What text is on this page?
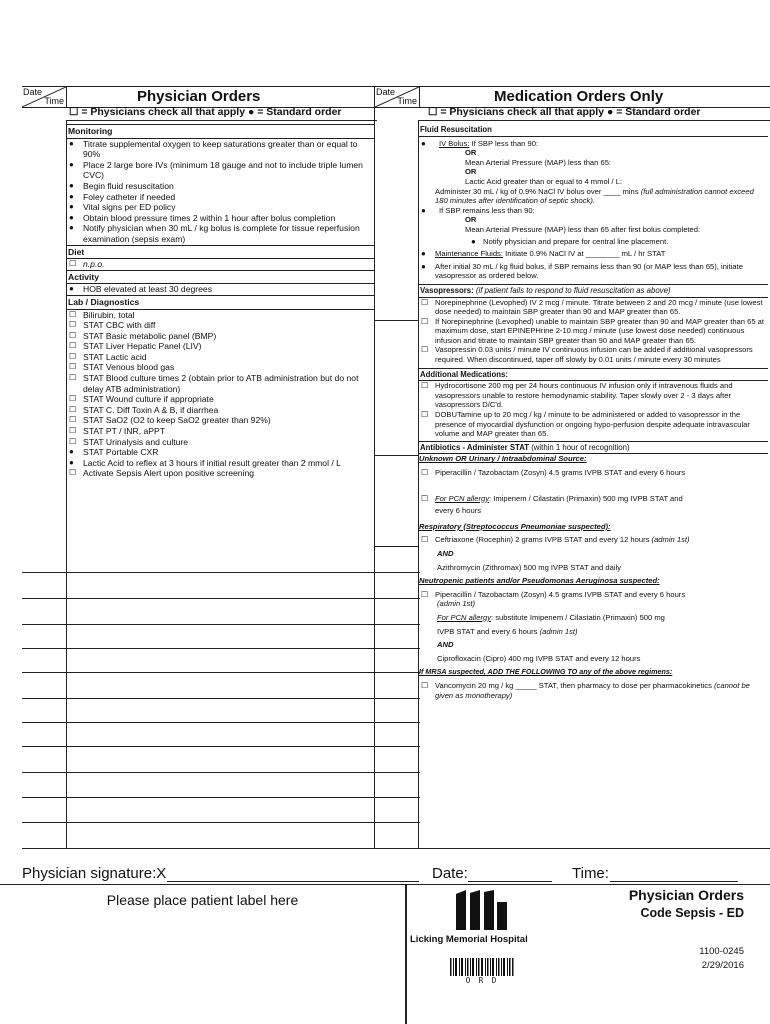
Date
Time	Physician Orders
☐ = Physicians check all that apply ● = Standard order
Date
Time	Medication Orders Only
☐ = Physicians check all that apply ● = Standard order
Monitoring
● Titrate supplemental oxygen to keep saturations greater than or equal to 90%
● Place 2 large bore IVs (minimum 18 gauge and not to include triple lumen CVC)
● Begin fluid resuscitation
● Foley catheter if needed
● Vital signs per ED policy
● Obtain blood pressure times 2 within 1 hour after bolus completion
● Notify physician when 30 mL / kg bolus is complete for tissue reperfusion examination (sepsis exam)
Diet
☐ n.p.o.
Activity
● HOB elevated at least 30 degrees
Lab / Diagnostics
☐ Bilirubin, total
☐ STAT CBC with diff
☐ STAT Basic metabolic panel (BMP)
☐ STAT Liver Hepatic Panel (LIV)
☐ STAT Lactic acid
☐ STAT Venous blood gas
☐ STAT Blood culture times 2 (obtain prior to ATB administration but do not delay ATB administration)
☐ STAT Wound culture if appropriate
☐ STAT C. Diff Toxin A & B, if diarrhea
☐ STAT SaO2 (O2 to keep SaO2 greater than 92%)
☐ STAT PT / INR, aPPT
☐ STAT Urinalysis and culture
● STAT Portable CXR
● Lactic Acid to reflex at 3 hours if initial result greater than 2 mmol / L
☐ Activate Sepsis Alert upon positive screening
Fluid Resuscitation
● IV Bolus: If SBP less than 90:
OR
Mean Arterial Pressure (MAP) less than 65:
OR
Lactic Acid greater than or equal to 4 mmol / L:
Administer 30 mL / kg of 0.9% NaCl IV bolus over ____ mins (full administration cannot exceed 180 minutes after identification of septic shock).
● If SBP remains less than 90:
OR
Mean Arterial Pressure (MAP) less than 65 after first bolus completed:
● Notify physician and prepare for central line placement.
● Maintenance Fluids: Initiate 0.9% NaCl IV at ________ mL / hr STAT
● After initial 30 mL / kg fluid bolus, if SBP remains less than 90 (or MAP less than 65), initiate vasopressor as ordered below.
Vasopressors: (if patient fails to respond to fluid resuscitation as above)
☐ Norepinephrine (Levophed) IV 2 mcg / minute. Titrate between 2 and 20 mcg / minute (use lowest dose needed) to maintain SBP greater than 90 and MAP greater than 65.
☐ If Norepinephrine (Levophed) unable to maintain SBP greater than 90 and MAP greater than 65 at maximum dose, start EPINEPHrine 2-10 mcg / minute (use lowest dose needed) continuous infusion and titrate to maintain SBP greater than 90 and MAP greater than 65.
☐ Vasopressin 0.03 units / minute IV continuous infusion can be added if additional vasopressors required. When discontinued, taper off slowly by 0.01 units / minute every 30 minutes
Additional Medications:
☐ Hydrocortisone 200 mg per 24 hours continuous IV infusion only if intravenous fluids and vasopressors unable to restore hemodynamic stability. Taper slowly over 2 - 3 days after vasopressors D/C'd.
☐ DOBUTamine up to 20 mcg / kg / minute to be administered or added to vasopressor in the presence of myocardial dysfunction or ongoing hypo-perfusion despite adequate intravascular volume and MAP greater than 65.
Antibiotics - Administer STAT (within 1 hour of recognition)
Unknown OR Urinary / Intraabdominal Source:
☐ Piperacillin / Tazobactam (Zosyn) 4.5 grams IVPB STAT and every 6 hours
☐ For PCN allergy: Imipenem / Cilastatin (Primaxin) 500 mg IVPB STAT and
every 6 hours
Respiratory (Streptococcus Pneumoniae suspected):
☐ Ceftriaxone (Rocephin) 2 grams IVPB STAT and every 12 hours (admin 1st)
AND
Azithromycin (Zithromax) 500 mg IVPB STAT and daily
Neutropenic patients and/or Pseudomonas Aeruginosa suspected:
☐ Piperacillin / Tazobactam (Zosyn) 4.5 grams IVPB STAT and every 6 hours
(admin 1st)
For PCN allergy: substitute Imipenem / Cilastatin (Primaxin) 500 mg
IVPB STAT and every 6 hours (admin 1st)
AND
Ciprofloxacin (Cipro) 400 mg IVPB STAT and every 12 hours
If MRSA suspected, ADD THE FOLLOWING TO any of the above regimens:
☐ Vancomycin 20 mg / kg _____ STAT, then pharmacy to dose per pharmacokinetics (cannot be given as monotherapy)
Physician signature:X	Date:	Time:
Please place patient label here
Licking Memorial Hospital
Physician Orders
Code Sepsis - ED
1100-0245
2/29/2016
O R D
